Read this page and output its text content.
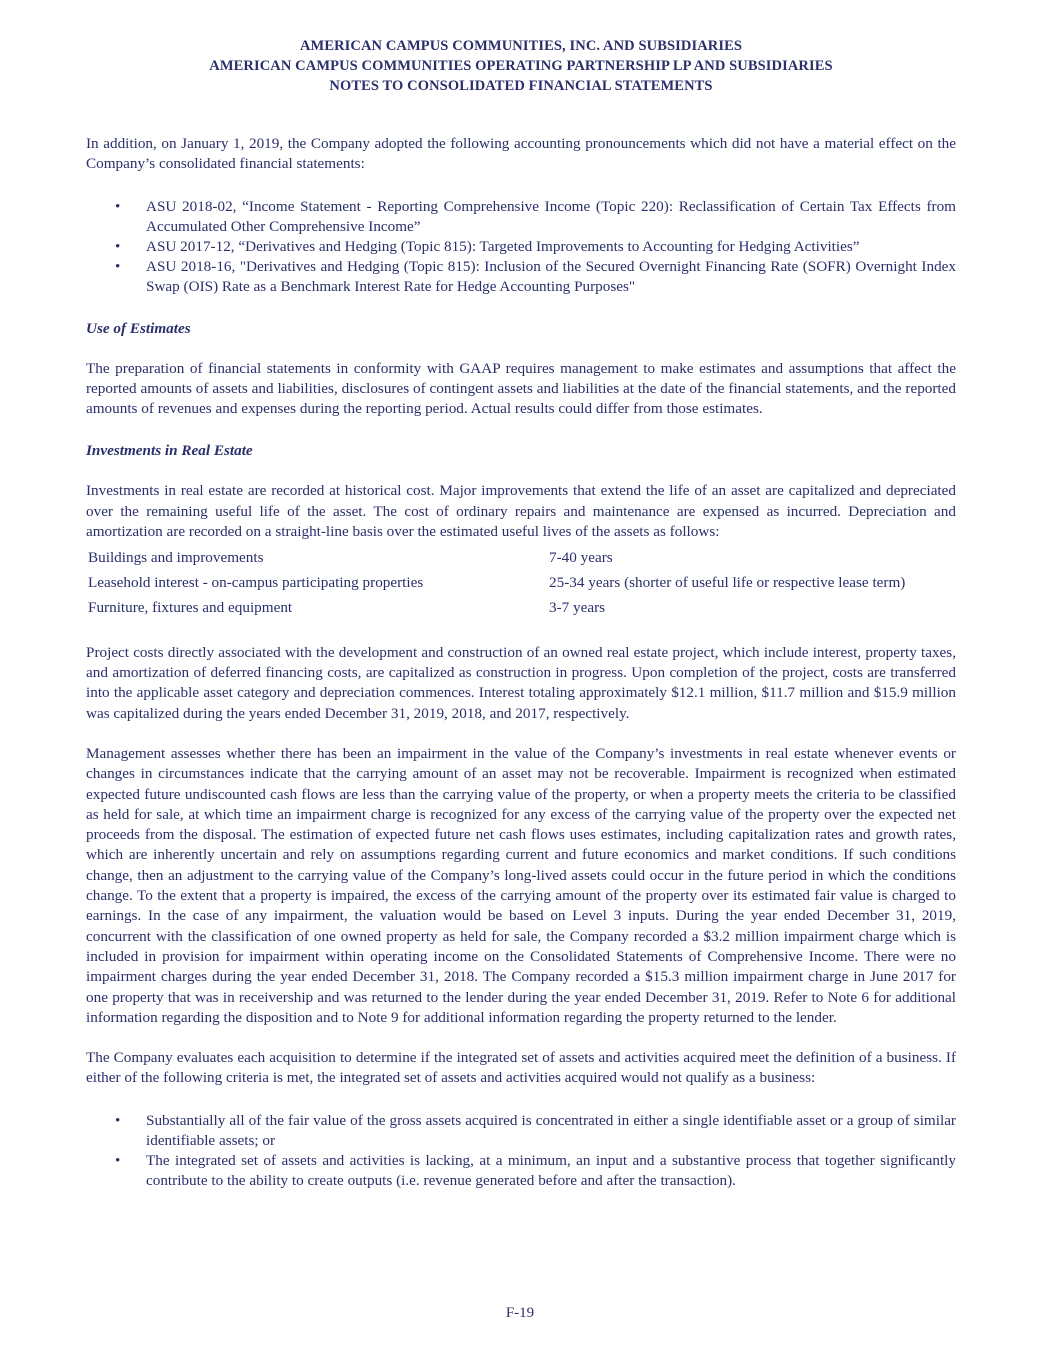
AMERICAN CAMPUS COMMUNITIES, INC. AND SUBSIDIARIES
AMERICAN CAMPUS COMMUNITIES OPERATING PARTNERSHIP LP AND SUBSIDIARIES
NOTES TO CONSOLIDATED FINANCIAL STATEMENTS

In addition, on January 1, 2019, the Company adopted the following accounting pronouncements which did not have a material effect on the Company’s consolidated financial statements:

• ASU 2018-02, “Income Statement - Reporting Comprehensive Income (Topic 220): Reclassification of Certain Tax Effects from Accumulated Other Comprehensive Income”
• ASU 2017-12, “Derivatives and Hedging (Topic 815): Targeted Improvements to Accounting for Hedging Activities”
• ASU 2018-16, "Derivatives and Hedging (Topic 815): Inclusion of the Secured Overnight Financing Rate (SOFR) Overnight Index Swap (OIS) Rate as a Benchmark Interest Rate for Hedge Accounting Purposes"

Use of Estimates

The preparation of financial statements in conformity with GAAP requires management to make estimates and assumptions that affect the reported amounts of assets and liabilities, disclosures of contingent assets and liabilities at the date of the financial statements, and the reported amounts of revenues and expenses during the reporting period. Actual results could differ from those estimates.

Investments in Real Estate

Investments in real estate are recorded at historical cost. Major improvements that extend the life of an asset are capitalized and depreciated over the remaining useful life of the asset. The cost of ordinary repairs and maintenance are expensed as incurred. Depreciation and amortization are recorded on a straight-line basis over the estimated useful lives of the assets as follows:

Buildings and improvements	7-40 years
Leasehold interest - on-campus participating properties	25-34 years (shorter of useful life or respective lease term)
Furniture, fixtures and equipment	3-7 years

Project costs directly associated with the development and construction of an owned real estate project, which include interest, property taxes, and amortization of deferred financing costs, are capitalized as construction in progress. Upon completion of the project, costs are transferred into the applicable asset category and depreciation commences. Interest totaling approximately $12.1 million, $11.7 million and $15.9 million was capitalized during the years ended December 31, 2019, 2018, and 2017, respectively.

Management assesses whether there has been an impairment in the value of the Company’s investments in real estate whenever events or changes in circumstances indicate that the carrying amount of an asset may not be recoverable. Impairment is recognized when estimated expected future undiscounted cash flows are less than the carrying value of the property, or when a property meets the criteria to be classified as held for sale, at which time an impairment charge is recognized for any excess of the carrying value of the property over the expected net proceeds from the disposal. The estimation of expected future net cash flows uses estimates, including capitalization rates and growth rates, which are inherently uncertain and rely on assumptions regarding current and future economics and market conditions. If such conditions change, then an adjustment to the carrying value of the Company’s long-lived assets could occur in the future period in which the conditions change. To the extent that a property is impaired, the excess of the carrying amount of the property over its estimated fair value is charged to earnings. In the case of any impairment, the valuation would be based on Level 3 inputs. During the year ended December 31, 2019, concurrent with the classification of one owned property as held for sale, the Company recorded a $3.2 million impairment charge which is included in provision for impairment within operating income on the Consolidated Statements of Comprehensive Income. There were no impairment charges during the year ended December 31, 2018. The Company recorded a $15.3 million impairment charge in June 2017 for one property that was in receivership and was returned to the lender during the year ended December 31, 2019. Refer to Note 6 for additional information regarding the disposition and to Note 9 for additional information regarding the property returned to the lender.

The Company evaluates each acquisition to determine if the integrated set of assets and activities acquired meet the definition of a business. If either of the following criteria is met, the integrated set of assets and activities acquired would not qualify as a business:

• Substantially all of the fair value of the gross assets acquired is concentrated in either a single identifiable asset or a group of similar identifiable assets; or
• The integrated set of assets and activities is lacking, at a minimum, an input and a substantive process that together significantly contribute to the ability to create outputs (i.e. revenue generated before and after the transaction).
F-19
